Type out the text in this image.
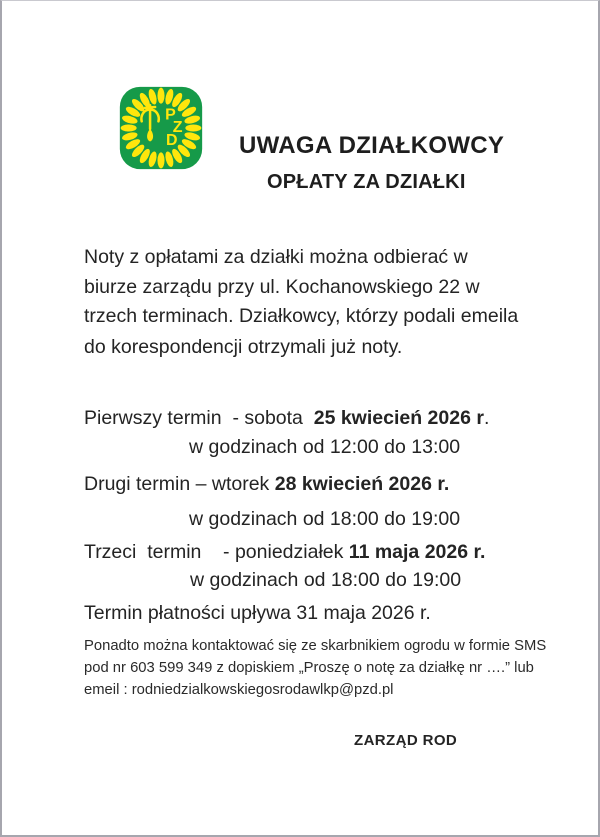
P
Z
D	UWAGA DZIAŁKOWCY
OPŁATY ZA DZIAŁKI
Noty z opłatami za działki można odbierać w
biurze zarządu przy ul. Kochanowskiego 22 w
trzech terminach. Działkowcy, którzy podali emeila
do korespondencji otrzymali już noty.
Pierwszy termin  - sobota  25 kwiecień 2026 r.
w godzinach od 12:00 do 13:00
Drugi termin – wtorek 28 kwiecień 2026 r.
w godzinach od 18:00 do 19:00
Trzeci  termin    - poniedziałek 11 maja 2026 r.
w godzinach od 18:00 do 19:00
Termin płatności upływa 31 maja 2026 r.
Ponadto można kontaktować się ze skarbnikiem ogrodu w formie SMS
pod nr 603 599 349 z dopiskiem „Proszę o notę za działkę nr ….” lub
emeil : rodniedzialkowskiegosrodawlkp@pzd.pl
ZARZĄD ROD
